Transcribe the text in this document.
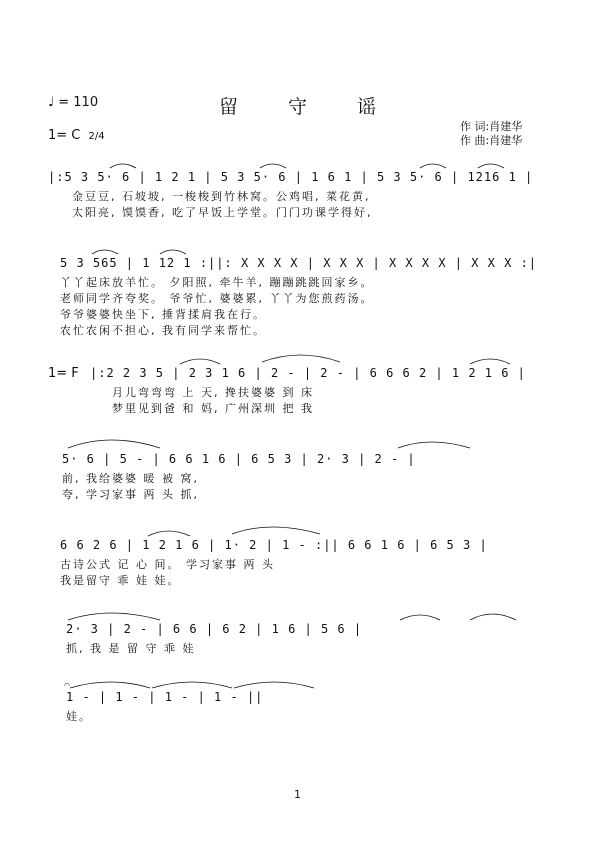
♩ = 110	留 守 谣
1= C 2/4
作 词:肖建华
作 曲:肖建华
|:5 3 5· 6 | 1 2 1 | 5 3 5· 6 | 1 6 1 | 5 3 5· 6 | 1216 1 |
金豆豆, 石坡坡, 一梭梭到竹林窝。公鸡唱, 菜花黄,
太阳亮, 馍馍香, 吃了早饭上学堂。门门功课学得好,
5 3 565 | 1 12 1 :||: X X X X | X X X | X X X X | X X X :|
丫丫起床放羊忙。 夕阳照, 牵牛羊, 蹦蹦跳跳回家乡。
老师同学齐夸奖。 爷爷忙, 婆婆累, 丫丫为您煎药汤。
爷爷婆婆快坐下, 捶背揉肩我在行。
农忙农闲不担心, 我有同学来帮忙。
1= F |:2 2 3 5 | 2 3 1 6 | 2 - | 2 - | 6 6 6 2 | 1 2 1 6 |
月儿弯弯弯 上 天, 搀扶婆婆 到 床
梦里见到爸 和 妈, 广州深圳 把 我
5· 6 | 5 - | 6 6 1 6 | 6 5 3 | 2· 3 | 2 - |
前, 我给婆婆 暖 被 窝,
夸, 学习家事 两 头 抓,
6 6 2 6 | 1 2 1 6 | 1· 2 | 1 - :|| 6 6 1 6 | 6 5 3 |
古诗公式 记 心 间。 学习家事 两 头
我是留守 乖 娃 娃。
2· 3 | 2 - | 6 6 | 6 2 | 1 6 | 5 6 |
抓, 我 是 留 守 乖 娃
𝄐
1 - | 1 - | 1 - | 1 - ||
娃。
1
